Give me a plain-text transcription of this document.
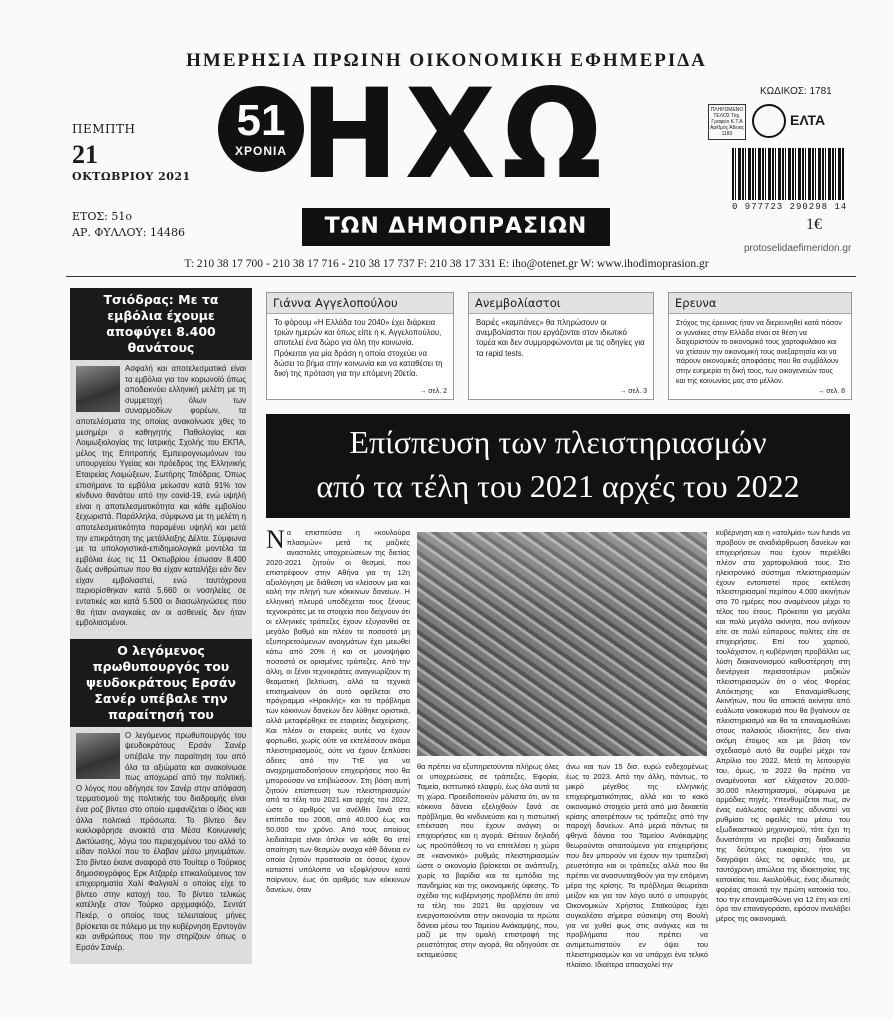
ΗΜΕΡΗΣΙΑ ΠΡΩΙΝΗ ΟΙΚΟΝΟΜΙΚΗ ΕΦΗΜΕΡΙΔΑ
ΠΕΜΠΤΗ
21
ΟΚΤΩΒΡΙΟΥ 2021
ΕΤΟΣ: 51ο
ΑΡ. ΦΥΛΛΟΥ: 14486
51
ΧΡΟΝΙΑ ΗΧΩ
ΤΩΝ ΔΗΜΟΠΡΑΣΙΩΝ
ΚΩΔΙΚΟΣ: 1781
ΠΛΗΡΩΜΕΝΟ ΤΕΛΟΣ Ταχ. Γραφείο Κ.Τ.Α Αριθμός Άδειας 1180
ΕΛΤΑ
0 977723 290298 14
1€
protoselidaefimeridon.gr
T: 210 38 17 700 - 210 38 17 716 - 210 38 17 737 F: 210 38 17 331 E: iho@otenet.gr W: www.ihodimoprasion.gr
Τσιόδρας: Με τα εμβόλια έχουμε αποφύγει 8.400 θανάτους
Ασφαλή και αποτελεσματικά είναι τα εμβόλια για τον κορωνοϊό όπως αποδεικνύει ελληνική μελέτη με τη συμμετοχή όλων των συναρμοδίων φορέων, τα αποτελέσματα της οποίας ανακοίνωσε χθες το μεσημέρι ο καθηγητής Παθολογίας και Λοιμωξιολογίας της Ιατρικής Σχολής του ΕΚΠΑ, μέλος της Επιτροπής Εμπειρογνωμόνων του υπουργείου Υγείας και πρόεδρος της Ελληνικής Εταιρείας Λοιμώξεων, Σωτήρης Τσιόδρας. Όπως επισήμανε τα εμβόλια μείωσαν κατά 91% τον κίνδυνο θανάτου από την covid-19, ενώ υψηλή είναι η αποτελεσματικότητα και κάθε εμβολίου ξεχωριστά. Παράλληλα, σύμφωνα με τη μελέτη η αποτελεσματικότητα παραμένει υψηλή και μετά την επικράτηση της μετάλλαξης Δέλτα. Σύμφωνα με τα υπολογιστικά-επιδημιολογικά μοντέλα τα εμβόλια έως τις 11 Οκτωβρίου έσωσαν 8.400 ζωές ανθρώπων που θα είχαν καταλήξει εάν δεν είχαν εμβολιαστεί, ενώ ταυτόχρονα περιορίσθηκαν κατά 5.660 οι νοσηλείες σε εντατικές και κατά 5.500 οι διασωληνώσεις που θα ήταν αναγκαίες αν οι ασθενείς δεν ήταν εμβολιασμένοι.
Ο λεγόμενος πρωθυπουργός του ψευδοκράτους Ερσάν Σανέρ υπέβαλε την παραίτησή του
Ο λεγόμενος πρωθυπουργός του ψευδοκράτους Ερσάν Σανέρ υπέβαλε την παραίτηση του από όλα τα αξιώματα και ανακοίνωσε πως αποχωρεί από την πολιτική. Ο λόγος που οδήγησε τον Σανέρ στην απόφαση τερματισμού της πολιτικής του διαδρομής είναι ένα ροζ βίντεο στο οποίο εμφανίζεται ο ίδιος και άλλα πολιτικά πρόσωπα. Το βίντεο δεν κυκλοφόρησε ανοικτά στα Μέσα Κοινωνικής Δικτύωσης, λόγω του περιεχομένου του αλλά το είδαν πολλοί που το έλαβαν μέσω μηνυμάτων. Στο βίντεο έκανε αναφορά στο Τουίτερ ο Τούρκος δημοσιογράφος Ερκ Ατζαρέρ επικαλούμενος τον επιχειρηματία Χαλί Φαλγιαλί ο οποίος είχε το βίντεο στην κατοχή του. Το βίντεο τελικώς κατέληξε στον Τούρκο αρχιμαφιόζο, Σεντάτ Πεκέρ, ο οποίος τους τελευταίους μήνες βρίσκεται σε πόλεμο με την κυβέρνηση Ερντογάν και ανθρώπους που την στηρίζουν όπως ο Ερσάν Σανέρ.
Γιάννα Αγγελοπούλου
Το φόρουμ «Η Ελλάδα του 2040» έχει διάρκεια τριών ημερών και όπως είπε η κ. Αγγελοπούλου, αποτελεί ένα δώρο για όλη την κοινωνία. Πρόκειται για μία δράση η οποία στοχεύει να δώσει το βήμα στην κοινωνία και να καταθέσει τη δική της πρόταση για την επόμενη 20ετία.
→ σελ. 2
Ανεμβολίαστοι
Βαριές «καμπάνες» θα πληρώσουν οι ανεμβολίαστοι που εργάζονται στον ιδιωτικό τομέα και δεν συμμορφώνονται με τις οδηγίες για τα rapid tests.
→ σελ. 3
Ερευνα
Στόχος της έρευνας ήταν να διερευνηθεί κατά πόσον οι γυναίκες στην Ελλάδα είναι σε θέση να διαχειριστούν το οικονομικό τους χαρτοφυλάκιο και να χτίσουν την οικονομική τους ανεξαρτησία και να πάρουν οικονομικές αποφάσεις που θα συμβάλουν στην ευημερία τη δική τους, των οικογενειών τους και της κοινωνίας μας στο μέλλον.
→ σελ. 8
Επίσπευση των πλειστηριασμών
από τα τέλη του 2021 αρχές του 2022
Να επισπεύσει η «κουλούρα πλασμών» μετά τις μαζικές αναστολές υποχρεώσεων της διετίας 2020-2021 ζητούν οι θεσμοί, που επιστρέφουν στην Αθήνα για τη 12η αξιολόγηση με διάθεση να κλείσουν μια και καλή την πληγή των κόκκινων δανείων. Η ελληνική πλευρά υποδέχεται τους ξένους τεχνοκράτες με τα στοιχεία που δείχνουν ότι οι ελληνικές τράπεζες έχουν εξυγιανθεί σε μεγάλο βαθμό και πλέον το ποσοστό μη εξυπηρετούμενων ανοιγμάτων έχει μειωθεί κάτω από 20% ή και σε μονοψήφιο ποσοστό σε ορισμένες τράπεζες. Από την άλλη, οι ξένοι τεχνοκράτες αναγνωρίζουν τη θεαματική βελτίωση, αλλά τα τεχνικά επισημαίνουν ότι αυτό οφείλεται στο πρόγραμμα «Ηρακλής» και το πρόβλημα των κόκκινων δανείων δεν λύθηκε οριστικά, αλλά μεταφέρθηκε σε εταιρείες διαχείρισης. Και πλέον οι εταιρείες αυτές να έχουν φορτωθεί, χωρίς ούτε να εκτελέσουν ακόμα πλειστηριασμούς, ούτε να έχουν ξεπλύσει άδειες από την ΤτΕ για να αναχρηματοδοτήσουν επιχειρήσεις που θα μπορούσαν να επιβιώσουν. Στη βάση αυτή ζητούν επίσπευση των πλειστηριασμών από τα τέλη του 2021 και αρχές του 2022, ώστε ο αριθμός να ανέλθει ξανά στα επίπεδα του 2008, από 40.000 έως και 50.000 τον χρόνο. Από τους οποίους λειδιαίτερα είναι όπλοι να κάθε θα στεί απαίτηση των θεσμών αναχα κάθ δάνεια εν οποία ζητούν προστασία σε όσους έχουν καταστεί υπόλοιπα να εξοφλήσουν κατά παίρνουν, έως ότι αριθμός των κόκκινων δανείων, όταν
θα πρέπει να εξυπηρετούνται πλήρως όλες οι υποχρεώσεις σε τράπεζες, Εφορία, Ταμεία, εκπτωτικό ελαφρύ, έως όλα αυτά τα τη χώρα. Προειδοποιούν μάλιστα ότι, αν τα κόκκινα δάνεια εξελιχθούν ξανά σε πρόβλημα, θα κινδυνεύσει και η πιστωτική επέκταση που έχουν ανάγκη οι επιχειρήσεις και η αγορά. Θέτουν δηλαδή ως προϋπόθεση το να επιτελέσει η χώρα σε «κανονικό» ρυθμός πλειστηριασμών ώστε ο οικονομία βρίσκεται σε ανάπτυξη, χωρίς τα βαρίδια και τα εμπόδια της πανδημίας και της οικονομικής ύφεσης. Το σχέδιο της κυβέρνησης προβλέπει ότι από τα τέλη του 2021 θα αρχίσουν να ενεργοποιούνται στην οικονομία τα πρώτα δάνεια μέσω του Ταμείου Ανάκαμψης, που, μαζί με την ομαλή επιστροφή της ρευστότητας στην αγορά, θα οδηγούσε σε εκταμιεύσεις
άνω και των 15 δισ. ευρώ ενδεχομένως έως το 2023. Από την άλλη, πάντως, το μικρό μέγεθος της ελληνικής επιχειρηματικότητας, αλλά και το κακό οικονομικό στοιχείο μετά από μια δεκαετία κρίσης αποτρέπουν τις τράπεζες από την παροχή δανείων. Από μεριά πάντως τα φθηνά δάνεια του Ταμείου Ανάκαμψης θεωρούνται απαιτούμενα για επιχειρήσεις που δεν μπορούν να έχουν την τραπεζική ρευστότητα και οι τράπεζες αλλά που θα πρέπει να ανασυνταχθούν για την επόμενη μέρα της κρίσης. Το πρόβλημα θεωρείται μείζον και για τον λόγο αυτό ο υπουργός Οικονομικών Χρήστος Σταϊκούρας έχει συγκαλέσει σήμερα σύσκεψη στη Βουλή για να χυθεί φως στις ανάγκες και τα προβλήματα που πρέπει να αντιμετωπιστούν εν όψει του πλειστηριασμών και να υπάρχει ένα τελικό πλαίσιο. Ιδιαίτερα απασχολεί την
κυβέρνηση και η «ατολμία» των funds να προβούν σε αναδιάρθρωση δανείων και επιχειρήσεων που έχουν περιέλθει πλέον στα χαρτοφυλάκιά τους. Στο ηλεκτρονικό σύστημα πλειστηριασμών έχουν εντοπιστεί προς εκτέλεση πλειστηριασμοί περίπου 4.000 ακινήτων στο 70 ημέρες που αναμένουν μέχρι το τέλος του έτους. Πρόκειται για μεγάλα και πολύ μεγάλα ακίνητα, που ανήκουν είτε σε πολύ εύπορους πολίτες είτε σε επιχειρήσεις. Επί του χαρτιού, τουλάχιστον, η κυβέρνηση προβάλλει ως λύση διακανονισμού καθυστέρηση στη διενέργεια περισσοτέρων μαζικών πλειστηριασμών ότι ο νέος Φορέας Απόκτησης και Επαναμίσθωσης Ακινήτων, που θα αποκτά ακίνητα από ευάλωτα νοικοκυριά που θα βγαίνουν σε πλειστηριασμό και θα τα επαναμισθώνει στους παλαιούς ιδιοκτήτες, δεν είναι ακόμη έτοιμος και με βάση τον σχεδιασμό αυτό θα συμβεί μέχρι τον Απρίλιο του 2022. Μετά τη λειτουργία του, όμως, το 2022 θα πρέπει να αναμένονται κατ' ελάχιστον 20.000-30.000 πλειστηριασμοί, σύμφωνα με αρμόδιες πηγές. Υπενθυμίζεται πως, αν ένας ευάλωτος οφειλέτης αδυνατεί να ρυθμίσει τις οφειλές του μέσω του εξωδικαστικού μηχανισμού, τότε έχει τη δυνατότητα να προβεί στη διαδικασία της δεύτερης ευκαιρίας, ήτοι να διαγράψει όλες τις οφειλές του, με ταυτόχρονη απώλεια της ιδιοκτησίας της κατοικίας του. Ακολούθως, ένας ιδιωτικός φορέας αποκτά την πρώτη κατοικία του, του την επαναμισθώνει για 12 έτη και επί όρο τον επαναγοράσει, εφόσον αναλάβει μέρος της οικονομικά.
